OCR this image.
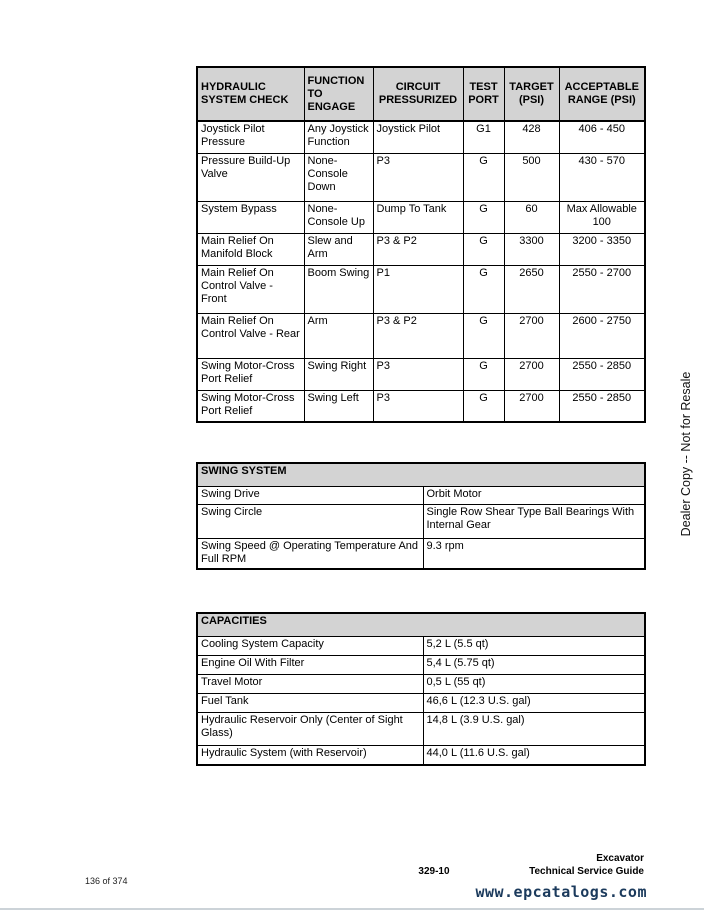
HYDRAULIC SYSTEM CHECK	FUNCTION TO ENGAGE	CIRCUIT PRESSURIZED	TEST PORT	TARGET (PSI)	ACCEPTABLE RANGE (PSI)
Joystick Pilot Pressure	Any Joystick Function	Joystick Pilot	G1	428	406 - 450
Pressure Build-Up Valve	None-Console Down	P3	G	500	430 - 570
System Bypass	None-Console Up	Dump To Tank	G	60	Max Allowable 100
Main Relief On Manifold Block	Slew and Arm	P3 & P2	G	3300	3200 - 3350
Main Relief On Control Valve - Front	Boom Swing	P1	G	2650	2550 - 2700
Main Relief On Control Valve - Rear	Arm	P3 & P2	G	2700	2600 - 2750
Swing Motor-Cross Port Relief	Swing Right	P3	G	2700	2550 - 2850
Swing Motor-Cross Port Relief	Swing Left	P3	G	2700	2550 - 2850
SWING SYSTEM	
Swing Drive	Orbit Motor
Swing Circle	Single Row Shear Type Ball Bearings With Internal Gear
Swing Speed @ Operating Temperature And Full RPM	9.3 rpm
CAPACITIES	
Cooling System Capacity	5,2 L (5.5 qt)
Engine Oil With Filter	5,4 L (5.75 qt)
Travel Motor	0,5 L (55 qt)
Fuel Tank	46,6 L (12.3 U.S. gal)
Hydraulic Reservoir Only (Center of Sight Glass)	14,8 L (3.9 U.S. gal)
Hydraulic System (with Reservoir)	44,0 L (11.6 U.S. gal)
Dealer Copy -- Not for Resale
136 of 374
329-10
Excavator
Technical Service Guide
www.epcatalogs.com
